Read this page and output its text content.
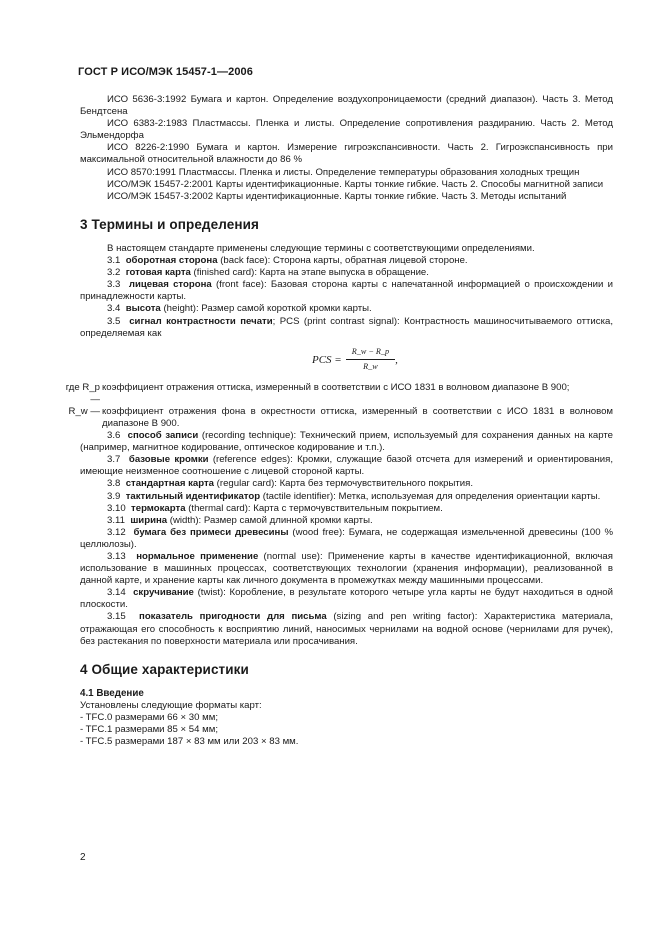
ГОСТ Р ИСО/МЭК 15457-1—2006

ИСО 5636-3:1992 Бумага и картон. Определение воздухопроницаемости (средний диапазон). Часть 3. Метод Бендтсена

ИСО 6383-2:1983 Пластмассы. Пленка и листы. Определение сопротивления раздиранию. Часть 2. Метод Эльмендорфа

ИСО 8226-2:1990 Бумага и картон. Измерение гигроэкспансивности. Часть 2. Гигроэкспансивность при максимальной относительной влажности до 86 %

ИСО 8570:1991 Пластмассы. Пленка и листы. Определение температуры образования холодных трещин

ИСО/МЭК 15457-2:2001 Карты идентификационные. Карты тонкие гибкие. Часть 2. Способы магнитной записи

ИСО/МЭК 15457-3:2002 Карты идентификационные. Карты тонкие гибкие. Часть 3. Методы испытаний

3 Термины и определения

В настоящем стандарте применены следующие термины с соответствующими определениями.

3.1 оборотная сторона (back face): Сторона карты, обратная лицевой стороне.

3.2 готовая карта (finished card): Карта на этапе выпуска в обращение.

3.3 лицевая сторона (front face): Базовая сторона карты с напечатанной информацией о происхождении и принадлежности карты.

3.4 высота (height): Размер самой короткой кромки карты.

3.5 сигнал контрастности печати; PCS (print contrast signal): Контрастность машиносчитываемого оттиска, определяемая как

PCS = $\frac{R\_w - R\_p}{R\_w}$ ,
где R_p —
коэффициент отражения оттиска, измеренный в соответствии с ИСО 1831 в волновом диапазоне В 900;
R_w — коэффициент отражения фона в окрестности оттиска, измеренный в соответствии с ИСО 1831 в волновом диапазоне В 900.

3.6 способ записи (recording technique): Технический прием, используемый для сохранения данных на карте (например, магнитное кодирование, оптическое кодирование и т.п.).

3.7 базовые кромки (reference edges): Кромки, служащие базой отсчета для измерений и ориентирования, имеющие неизменное соотношение с лицевой стороной карты.

3.8 стандартная карта (regular card): Карта без термочувствительного покрытия.

3.9 тактильный идентификатор (tactile identifier): Метка, используемая для определения ориентации карты.

3.10 термокарта (thermal card): Карта с термочувствительным покрытием.

3.11 ширина (width): Размер самой длинной кромки карты.

3.12 бумага без примеси древесины (wood free): Бумага, не содержащая измельченной древесины (100 % целлюлозы).

3.13 нормальное применение (normal use): Применение карты в качестве идентификационной, включая использование в машинных процессах, соответствующих технологии (хранения информации), реализованной в данной карте, и хранение карты как личного документа в промежутках между машинными процессами.

3.14 скручивание (twist): Коробление, в результате которого четыре угла карты не будут находиться в одной плоскости.

3.15 показатель пригодности для письма (sizing and pen writing factor): Характеристика материала, отражающая его способность к восприятию линий, наносимых чернилами на водной основе (чернилами для ручек), без растекания по поверхности материала или просачивания.

4 Общие характеристики

4.1 Введение

Установлены следующие форматы карт:

- TFC.0 размерами 66 × 30 мм;

- TFC.1 размерами 85 × 54 мм;

- TFC.5 размерами 187 × 83 мм или 203 × 83 мм.

2
